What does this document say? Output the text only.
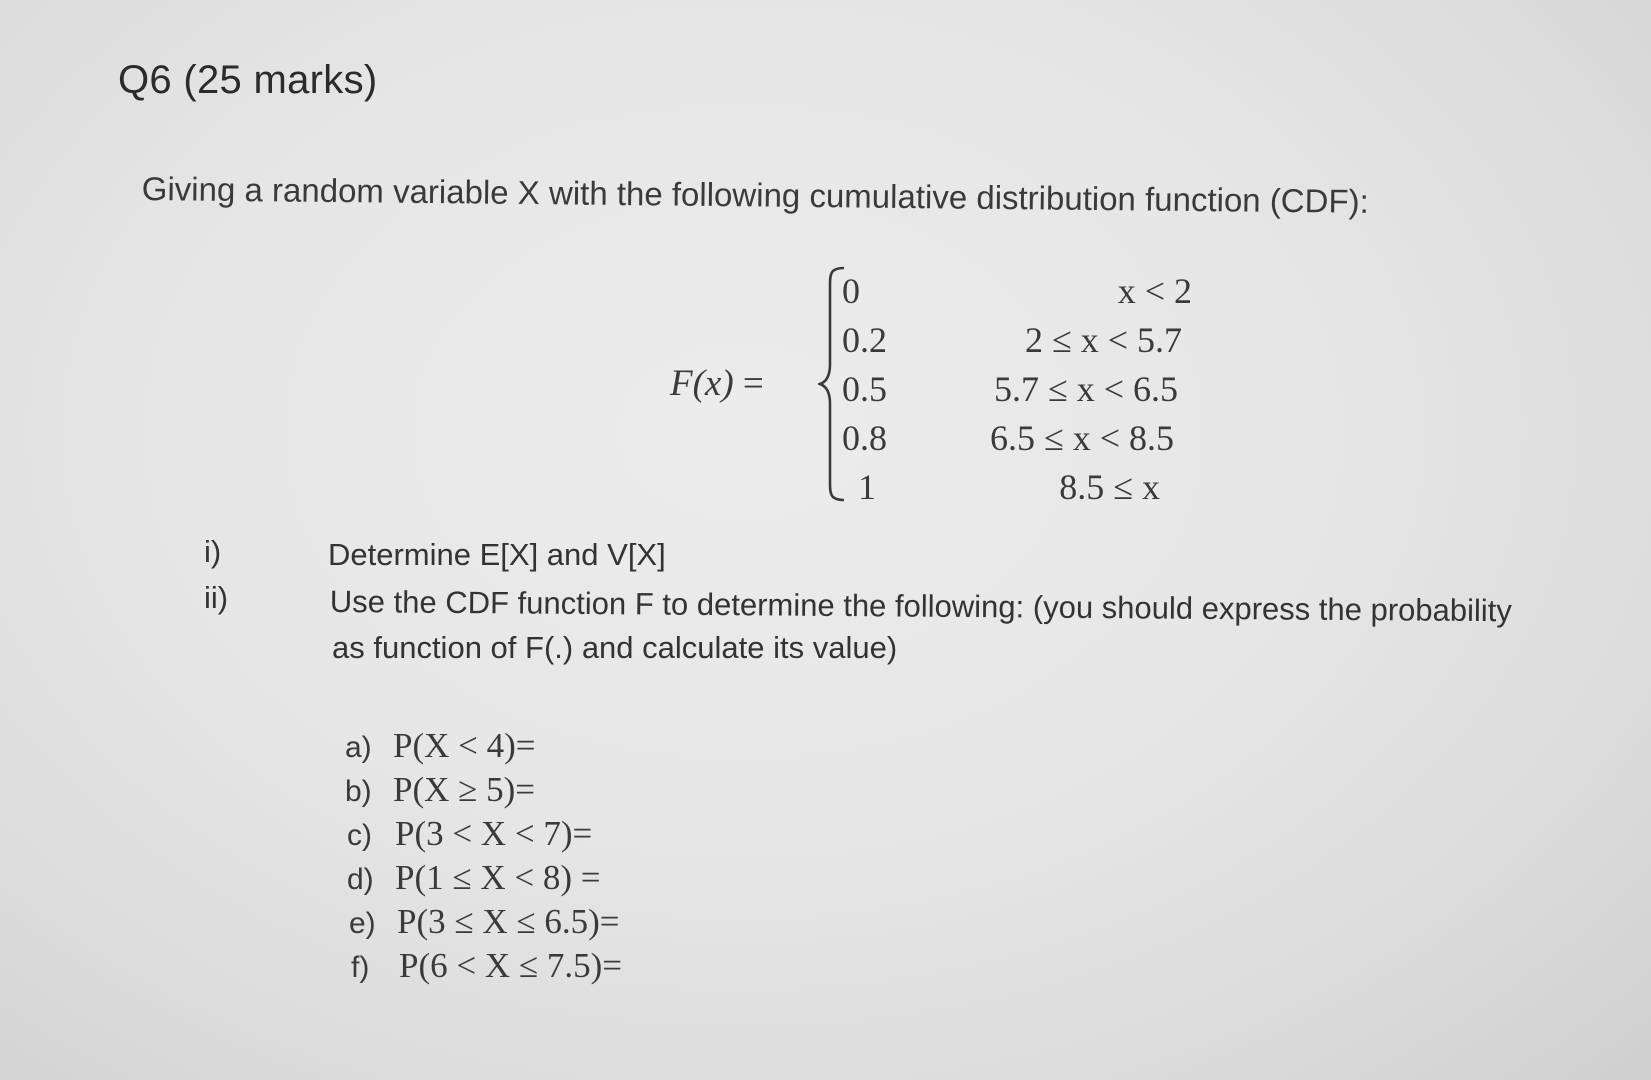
Q6 (25 marks)
Giving a random variable X with the following cumulative distribution function (CDF):
F(x) =
0
0.2
0.5
0.8
1
x < 2
2 ≤ x < 5.7
5.7 ≤ x < 6.5
6.5 ≤ x < 8.5
8.5 ≤ x
i)	Determine E[X] and V[X]
ii)	Use the CDF function F to determine the following: (you should express the probability
as function of F(.) and calculate its value)
a) P(X < 4)=
b) P(X ≥ 5)=
c) P(3 < X < 7)=
d) P(1 ≤ X < 8) =
e) P(3 ≤ X ≤ 6.5)=
f) P(6 < X ≤ 7.5)=
